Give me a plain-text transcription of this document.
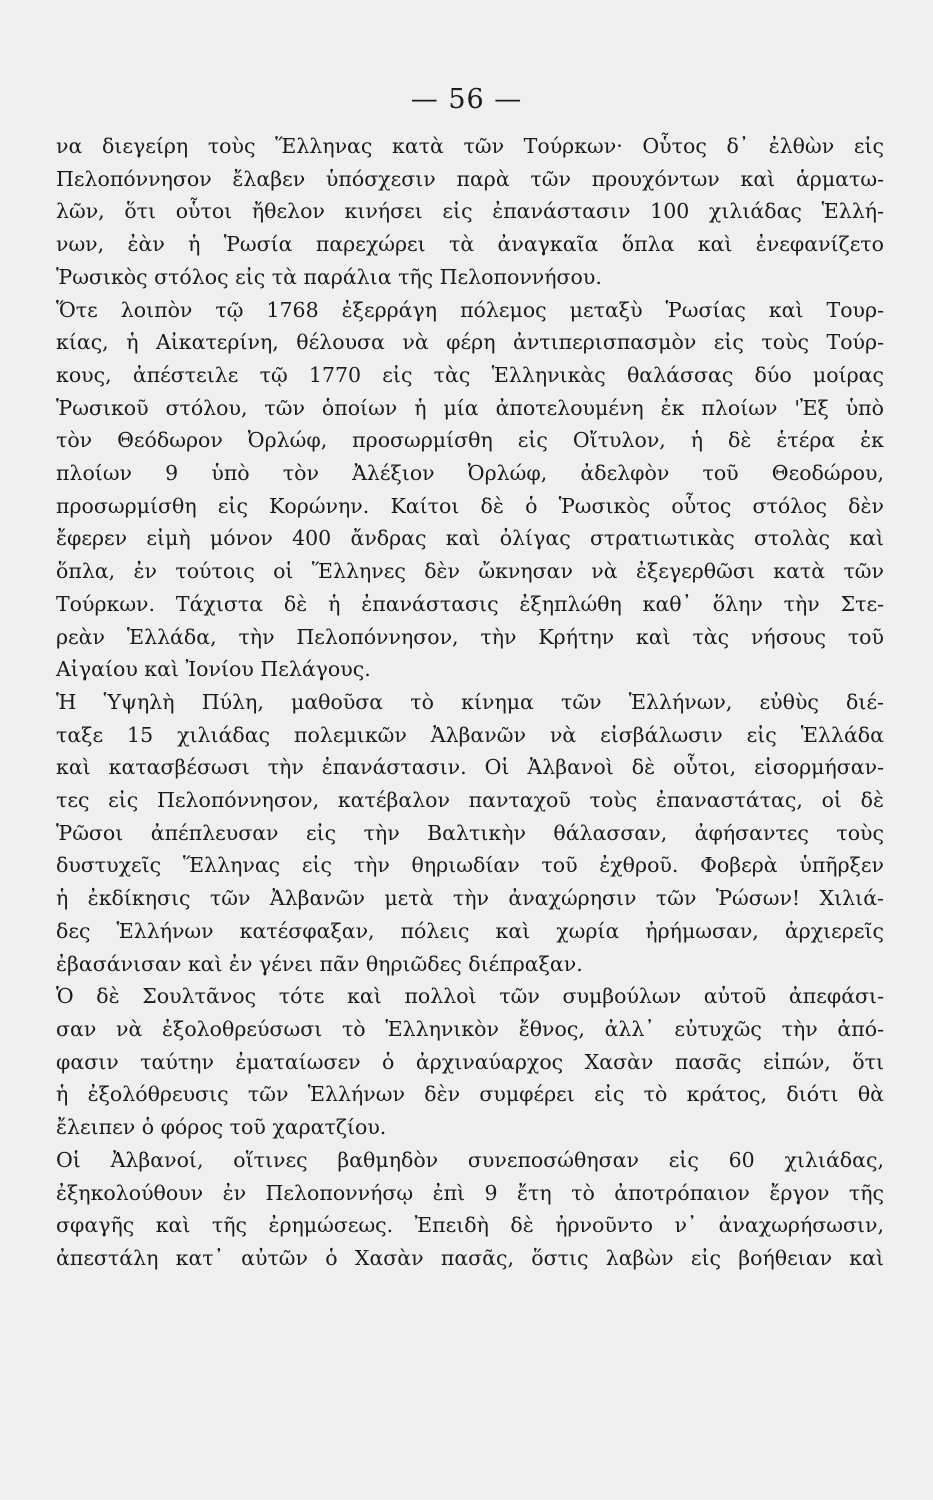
— 56 —
να διεγείρη τοὺς Ἕλληνας κατὰ τῶν Τούρκων· Οὗτος δ᾽ ἐλθὼν εἰς
Πελοπόννησον ἔλαβεν ὑπόσχεσιν παρὰ τῶν προυχόντων καὶ ἁρματω-
λῶν, ὅτι οὗτοι ἤθελον κινήσει εἰς ἐπανάστασιν 100 χιλιάδας Ἑλλή-
νων, ἐὰν ἡ Ῥωσία παρεχώρει τὰ ἀναγκαῖα ὅπλα καὶ ἐνεφανίζετο
Ῥωσικὸς στόλος εἰς τὰ παράλια τῆς Πελοποννήσου.
Ὅτε λοιπὸν τῷ 1768 ἐξερράγη πόλεμος μεταξὺ Ῥωσίας καὶ Τουρ-
κίας, ἡ Αἰκατερίνη, θέλουσα νὰ φέρη ἀντιπερισπασμὸν εἰς τοὺς Τούρ-
κους, ἀπέστειλε τῷ 1770 εἰς τὰς Ἑλληνικὰς θαλάσσας δύο μοίρας
Ῥωσικοῦ στόλου, τῶν ὁποίων ἡ μία ἀποτελουμένη ἐκ πλοίων 'Ἐξ ὑπὸ
τὸν Θεόδωρον Ὀρλώφ, προσωρμίσθη εἰς Οἴτυλον, ἡ δὲ ἑτέρα ἐκ
πλοίων 9 ὑπὸ τὸν Ἀλέξιον Ὀρλώφ, ἀδελφὸν τοῦ Θεοδώρου,
προσωρμίσθη εἰς Κορώνην. Καίτοι δὲ ὁ Ῥωσικὸς οὗτος στόλος δὲν
ἔφερεν εἰμὴ μόνον 400 ἄνδρας καὶ ὀλίγας στρατιωτικὰς στολὰς καὶ
ὅπλα, ἐν τούτοις οἱ Ἕλληνες δὲν ὤκνησαν νὰ ἐξεγερθῶσι κατὰ τῶν
Τούρκων. Τάχιστα δὲ ἡ ἐπανάστασις ἐξηπλώθη καθ᾽ ὅλην τὴν Στε-
ρεὰν Ἑλλάδα, τὴν Πελοπόννησον, τὴν Κρήτην καὶ τὰς νήσους τοῦ
Αἰγαίου καὶ Ἰονίου Πελάγους.
Ἡ Ὑψηλὴ Πύλη, μαθοῦσα τὸ κίνημα τῶν Ἑλλήνων, εὐθὺς διέ-
ταξε 15 χιλιάδας πολεμικῶν Ἀλβανῶν νὰ εἰσβάλωσιν εἰς Ἑλλάδα
καὶ κατασβέσωσι τὴν ἐπανάστασιν. Οἱ Ἀλβανοὶ δὲ οὗτοι, εἰσορμήσαν-
τες εἰς Πελοπόννησον, κατέβαλον πανταχοῦ τοὺς ἐπαναστάτας, οἱ δὲ
Ῥῶσοι ἀπέπλευσαν εἰς τὴν Βαλτικὴν θάλασσαν, ἀφήσαντες τοὺς
δυστυχεῖς Ἕλληνας εἰς τὴν θηριωδίαν τοῦ ἐχθροῦ. Φοβερὰ ὑπῆρξεν
ἡ ἐκδίκησις τῶν Ἀλβανῶν μετὰ τὴν ἀναχώρησιν τῶν Ῥώσων! Χιλιά-
δες Ἑλλήνων κατέσφαξαν, πόλεις καὶ χωρία ἠρήμωσαν, ἀρχιερεῖς
ἐβασάνισαν καὶ ἐν γένει πᾶν θηριῶδες διέπραξαν.
Ὁ δὲ Σουλτᾶνος τότε καὶ πολλοὶ τῶν συμβούλων αὐτοῦ ἀπεφάσι-
σαν νὰ ἐξολοθρεύσωσι τὸ Ἑλληνικὸν ἔθνος, ἀλλ᾽ εὐτυχῶς τὴν ἀπό-
φασιν ταύτην ἐματαίωσεν ὁ ἀρχιναύαρχος Χασὰν πασᾶς εἰπών, ὅτι
ἡ ἐξολόθρευσις τῶν Ἑλλήνων δὲν συμφέρει εἰς τὸ κράτος, διότι θὰ
ἔλειπεν ὁ φόρος τοῦ χαρατζίου.
Οἱ Ἀλβανοί, οἵτινες βαθμηδὸν συνεποσώθησαν εἰς 60 χιλιάδας,
ἐξηκολούθουν ἐν Πελοποννήσῳ ἐπὶ 9 ἔτη τὸ ἀποτρόπαιον ἔργον τῆς
σφαγῆς καὶ τῆς ἐρημώσεως. Ἐπειδὴ δὲ ἠρνοῦντο ν᾽ ἀναχωρήσωσιν,
ἀπεστάλη κατ᾽ αὐτῶν ὁ Χασὰν πασᾶς, ὅστις λαβὼν εἰς βοήθειαν καὶ
